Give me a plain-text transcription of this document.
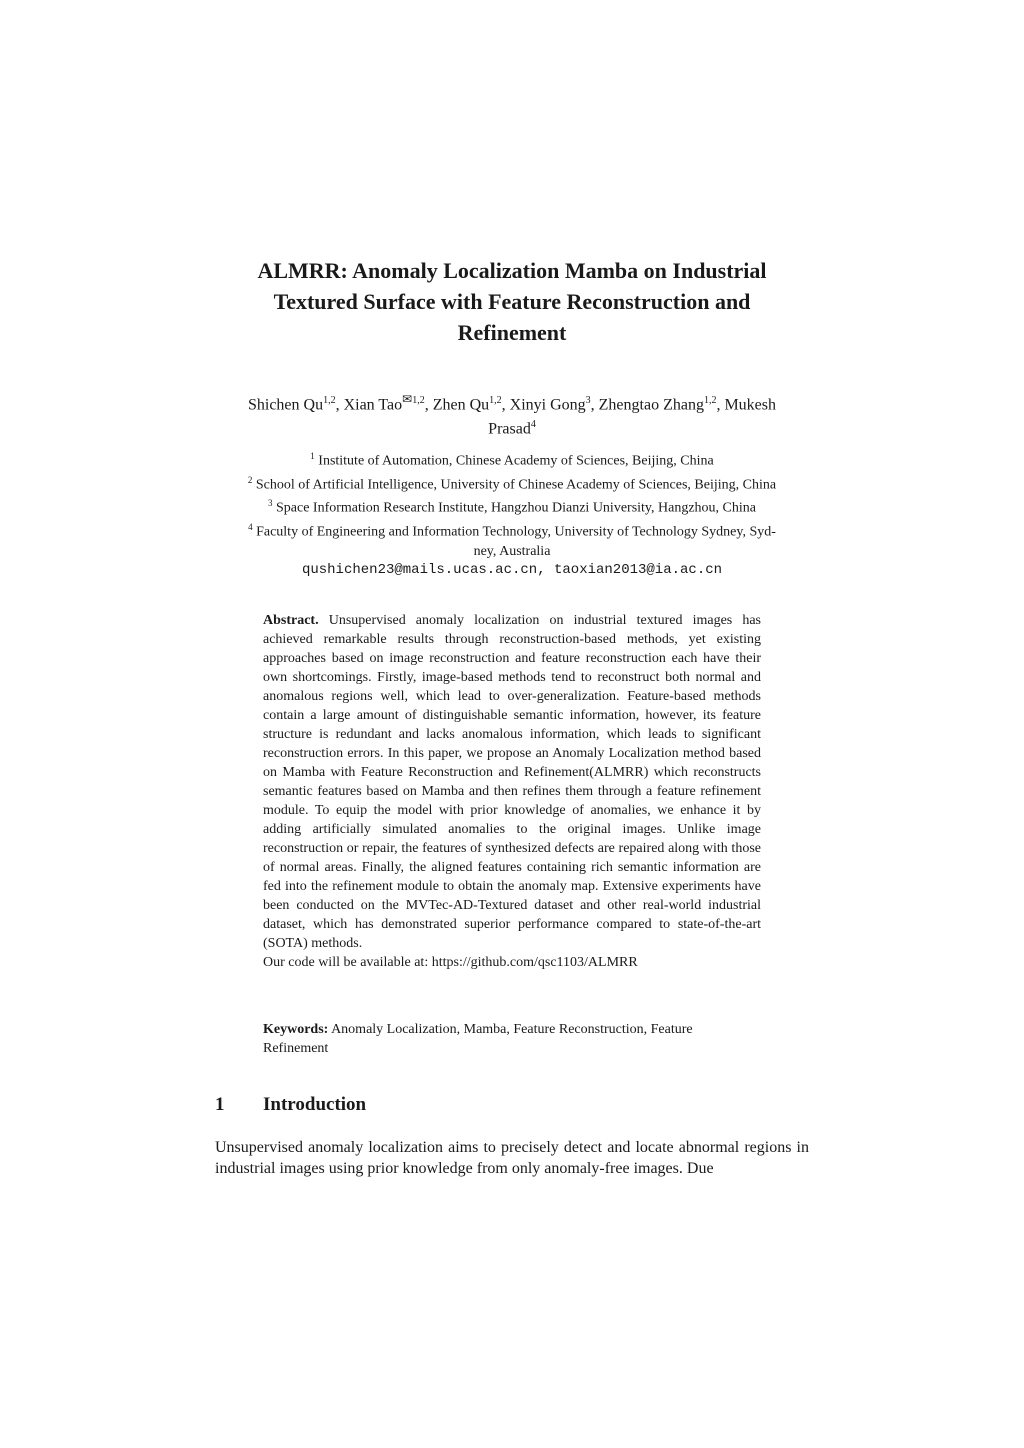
ALMRR: Anomaly Localization Mamba on Industrial
Textured Surface with Feature Reconstruction and
Refinement
Shichen Qu$^{1,2}$, Xian Tao$^{✉1,2}$, Zhen Qu$^{1,2}$, Xinyi Gong$^3$, Zhengtao Zhang$^{1,2}$, Mukesh
Prasad$^4$
$^1$ Institute of Automation, Chinese Academy of Sciences, Beijing, China
$^2$ School of Artificial Intelligence, University of Chinese Academy of Sciences, Beijing, China
$^3$ Space Information Research Institute, Hangzhou Dianzi University, Hangzhou, China
$^4$ Faculty of Engineering and Information Technology, University of Technology Sydney, Syd-
ney, Australia
qushichen23@mails.ucas.ac.cn, taoxian2013@ia.ac.cn
Abstract. Unsupervised anomaly localization on industrial textured images has achieved remarkable results through reconstruction-based methods, yet existing approaches based on image reconstruction and feature reconstruction each have their own shortcomings. Firstly, image-based methods tend to reconstruct both normal and anomalous regions well, which lead to over-generalization. Feature-based methods contain a large amount of distinguishable semantic information, however, its feature structure is redundant and lacks anomalous information, which leads to significant reconstruction errors. In this paper, we propose an Anomaly Localization method based on Mamba with Feature Reconstruction and Refinement(ALMRR) which reconstructs semantic features based on Mamba and then refines them through a feature refinement module. To equip the model with prior knowledge of anomalies, we enhance it by adding artificially simulated anomalies to the original images. Unlike image reconstruction or repair, the features of synthesized defects are repaired along with those of normal areas. Finally, the aligned features containing rich semantic information are fed into the refinement module to obtain the anomaly map. Extensive experiments have been conducted on the MVTec-AD-Textured dataset and other real-world industrial dataset, which has demonstrated superior performance compared to state-of-the-art (SOTA) methods.
Our code will be available at: https://github.com/qsc1103/ALMRR
Keywords: Anomaly Localization, Mamba, Feature Reconstruction, Feature Refinement
1 Introduction
Unsupervised anomaly localization aims to precisely detect and locate abnormal regions in industrial images using prior knowledge from only anomaly-free images. Due
